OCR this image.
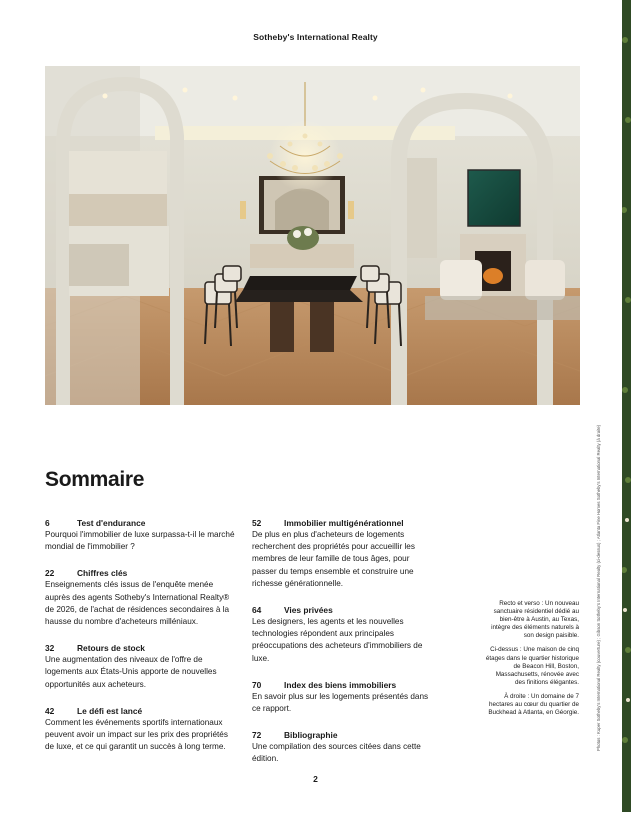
Sotheby's International Realty
Sommaire
6	Test d'endurance

Pourquoi l'immobilier de luxe surpassa-t-il le marché mondial de l'immobilier ?

22	Chiffres clés

Enseignements clés issus de l'enquête menée auprès des agents Sotheby's International Realty® de 2026, de l'achat de résidences secondaires à la hausse du nombre d'acheteurs milléniaux.

32	Retours de stock

Une augmentation des niveaux de l'offre de logements aux États-Unis apporte de nouvelles opportunités aux acheteurs.

42	Le défi est lancé

Comment les événements sportifs internationaux peuvent avoir un impact sur les prix des propriétés de luxe, et ce qui garantit un succès à long terme.

52	Immobilier multigénérationnel

De plus en plus d'acheteurs de logements recherchent des propriétés pour accueillir les membres de leur famille de tous âges, pour passer du temps ensemble et construire une richesse générationnelle.

64	Vies privées

Les designers, les agents et les nouvelles technologies répondent aux principales préoccupations des acheteurs d'immobiliers de luxe.

70	Index des biens immobiliers

En savoir plus sur les logements présentés dans ce rapport.

72	Bibliographie

Une compilation des sources citées dans cette édition.

Recto et verso : Un nouveau sanctuaire résidentiel dédié au bien-être à Austin, au Texas, intègre des éléments naturels à son design paisible.

Ci-dessus : Une maison de cinq étages dans le quartier historique de Beacon Hill, Boston, Massachusetts, rénovée avec des finitions élégantes.

À droite : Un domaine de 7 hectares au cœur du quartier de Buckhead à Atlanta, en Géorgie.	Photos : Kuper Sotheby's International Realty (couverture) ; Gibson Sotheby's International Realty (ci-dessus) ; Atlanta Fine Homes Sotheby's International Realty (à droite)
2
